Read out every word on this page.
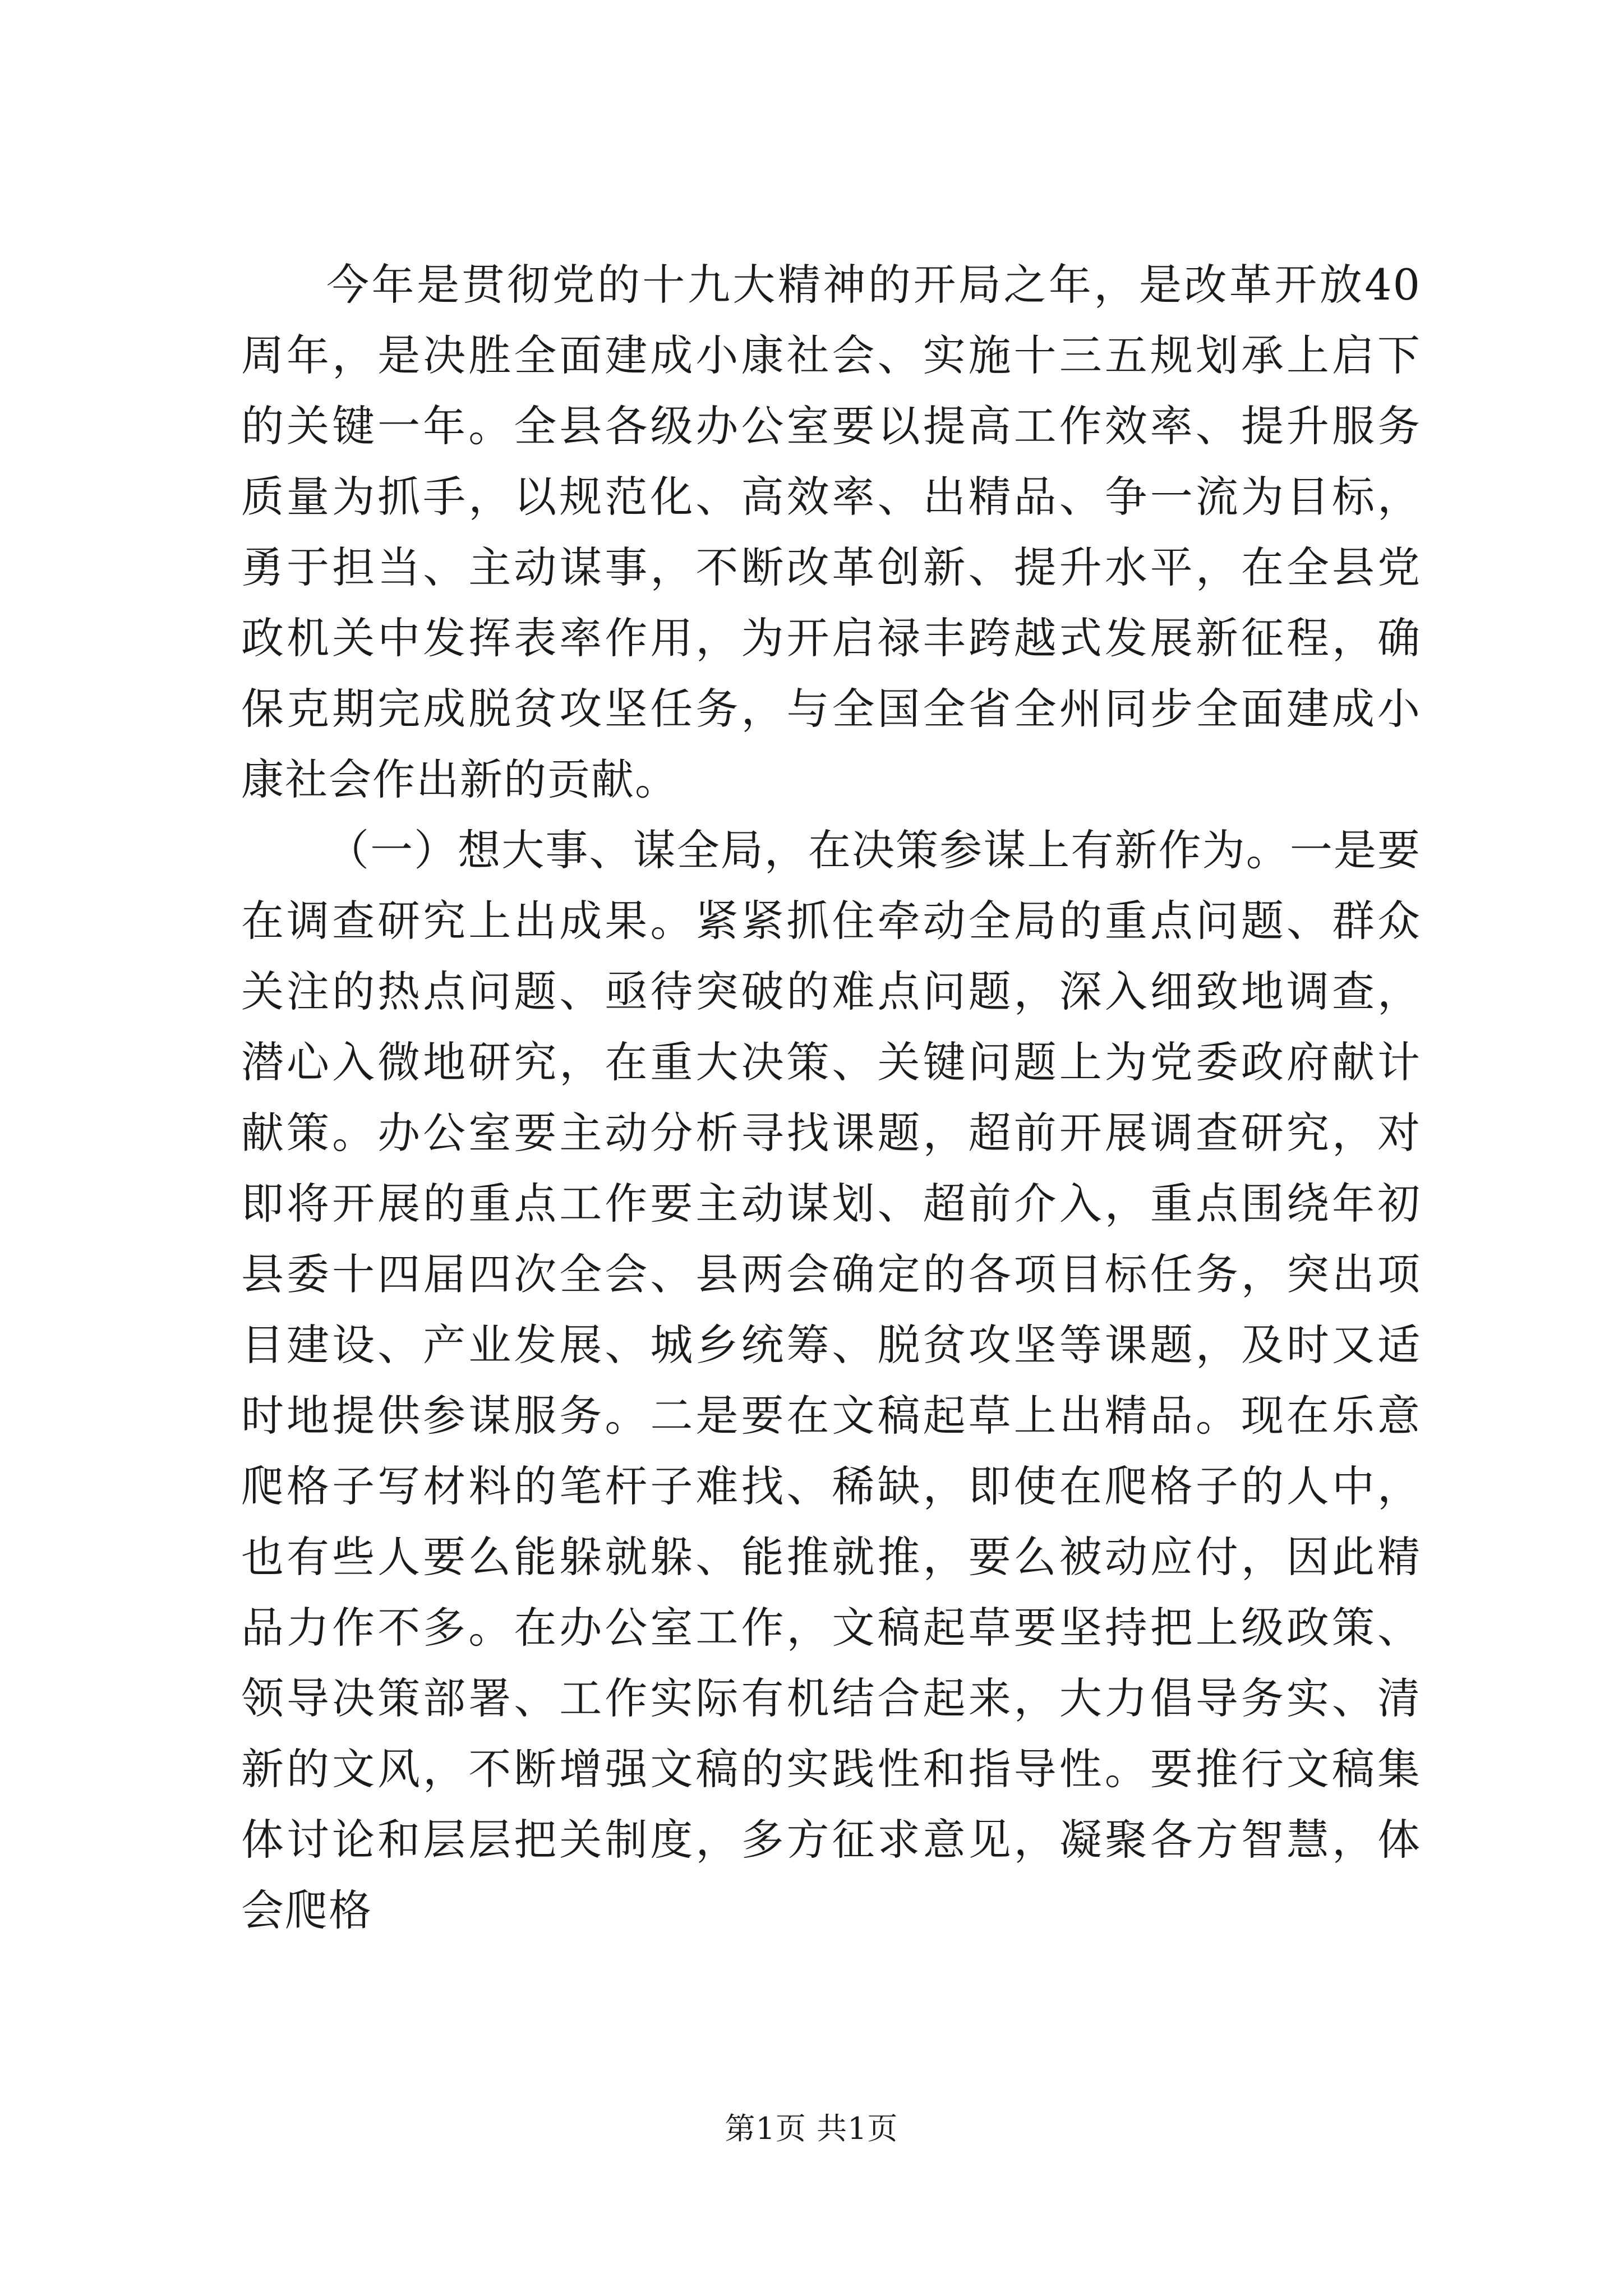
今年是贯彻党的十九大精神的开局之年，是改革开放40周年，是决胜全面建成小康社会、实施十三五规划承上启下的关键一年。全县各级办公室要以提高工作效率、提升服务质量为抓手，以规范化、高效率、出精品、争一流为目标，勇于担当、主动谋事，不断改革创新、提升水平，在全县党政机关中发挥表率作用，为开启禄丰跨越式发展新征程，确保克期完成脱贫攻坚任务，与全国全省全州同步全面建成小康社会作出新的贡献。

（一）想大事、谋全局，在决策参谋上有新作为。一是要在调查研究上出成果。紧紧抓住牵动全局的重点问题、群众关注的热点问题、亟待突破的难点问题，深入细致地调查，潜心入微地研究，在重大决策、关键问题上为党委政府献计献策。办公室要主动分析寻找课题，超前开展调查研究，对即将开展的重点工作要主动谋划、超前介入，重点围绕年初县委十四届四次全会、县两会确定的各项目标任务，突出项目建设、产业发展、城乡统筹、脱贫攻坚等课题，及时又适时地提供参谋服务。二是要在文稿起草上出精品。现在乐意爬格子写材料的笔杆子难找、稀缺，即使在爬格子的人中，也有些人要么能躲就躲、能推就推，要么被动应付，因此精品力作不多。在办公室工作，文稿起草要坚持把上级政策、领导决策部署、工作实际有机结合起来，大力倡导务实、清新的文风，不断增强文稿的实践性和指导性。要推行文稿集体讨论和层层把关制度，多方征求意见，凝聚各方智慧，体会爬格

第1页 共1页
